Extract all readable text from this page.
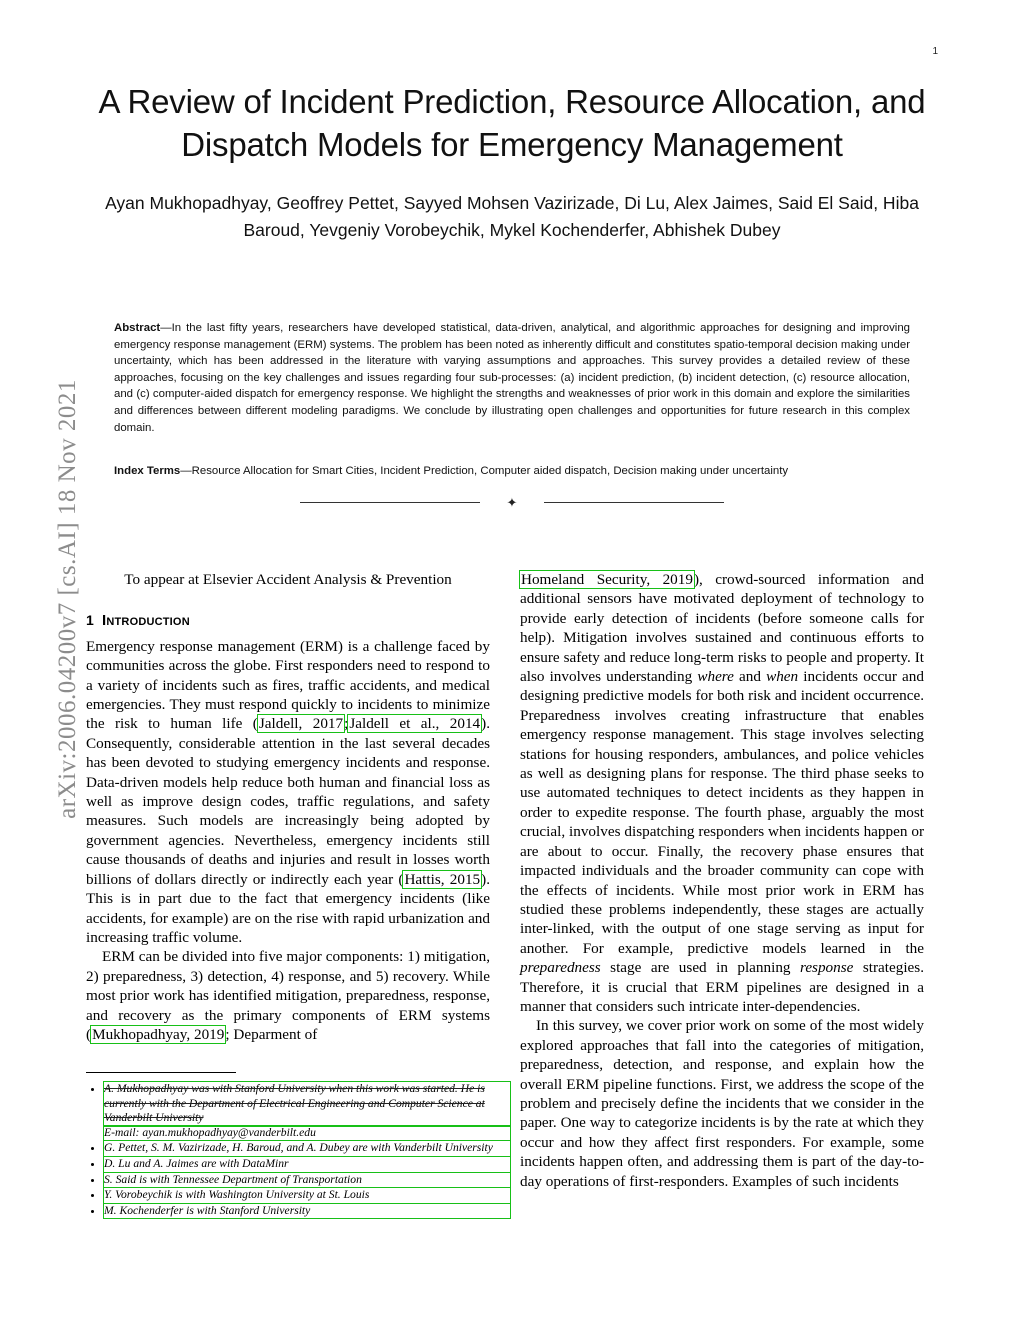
arXiv:2006.04200v7 [cs.AI] 18 Nov 2021
1
A Review of Incident Prediction, Resource Allocation, and Dispatch Models for Emergency Management
Ayan Mukhopadhyay, Geoffrey Pettet, Sayyed Mohsen Vazirizade, Di Lu, Alex Jaimes, Said El Said, Hiba Baroud, Yevgeniy Vorobeychik, Mykel Kochenderfer, Abhishek Dubey
Abstract—In the last fifty years, researchers have developed statistical, data-driven, analytical, and algorithmic approaches for designing and improving emergency response management (ERM) systems. The problem has been noted as inherently difficult and constitutes spatio-temporal decision making under uncertainty, which has been addressed in the literature with varying assumptions and approaches. This survey provides a detailed review of these approaches, focusing on the key challenges and issues regarding four sub-processes: (a) incident prediction, (b) incident detection, (c) resource allocation, and (c) computer-aided dispatch for emergency response. We highlight the strengths and weaknesses of prior work in this domain and explore the similarities and differences between different modeling paradigms. We conclude by illustrating open challenges and opportunities for future research in this complex domain.
Index Terms—Resource Allocation for Smart Cities, Incident Prediction, Computer aided dispatch, Decision making under uncertainty
✦

To appear at Elsevier Accident Analysis & Prevention

1 Introduction

Emergency response management (ERM) is a challenge faced by communities across the globe. First responders need to respond to a variety of incidents such as fires, traffic accidents, and medical emergencies. They must respond quickly to incidents to minimize the risk to human life (Jaldell, 2017;Jaldell et al., 2014). Consequently, considerable attention in the last several decades has been devoted to studying emergency incidents and response. Data-driven models help reduce both human and financial loss as well as improve design codes, traffic regulations, and safety measures. Such models are increasingly being adopted by government agencies. Nevertheless, emergency incidents still cause thousands of deaths and injuries and result in losses worth billions of dollars directly or indirectly each year (Hattis, 2015). This is in part due to the fact that emergency incidents (like accidents, for example) are on the rise with rapid urbanization and increasing traffic volume.

ERM can be divided into five major components: 1) mitigation, 2) preparedness, 3) detection, 4) response, and 5) recovery. While most prior work has identified mitigation, preparedness, response, and recovery as the primary components of ERM systems (Mukhopadhyay, 2019; Deparment of

Homeland Security, 2019), crowd-sourced information and additional sensors have motivated deployment of technology to provide early detection of incidents (before someone calls for help). Mitigation involves sustained and continuous efforts to ensure safety and reduce long-term risks to people and property. It also involves understanding where and when incidents occur and designing predictive models for both risk and incident occurrence. Preparedness involves creating infrastructure that enables emergency response management. This stage involves selecting stations for housing responders, ambulances, and police vehicles as well as designing plans for response. The third phase seeks to use automated techniques to detect incidents as they happen in order to expedite response. The fourth phase, arguably the most crucial, involves dispatching responders when incidents happen or are about to occur. Finally, the recovery phase ensures that impacted individuals and the broader community can cope with the effects of incidents. While most prior work in ERM has studied these problems independently, these stages are actually inter-linked, with the output of one stage serving as input for another. For example, predictive models learned in the preparedness stage are used in planning response strategies. Therefore, it is crucial that ERM pipelines are designed in a manner that considers such intricate inter-dependencies.

In this survey, we cover prior work on some of the most widely explored approaches that fall into the categories of mitigation, preparedness, detection, and response, and explain how the overall ERM pipeline functions. First, we address the scope of the problem and precisely define the incidents that we consider in the paper. One way to categorize incidents is by the rate at which they occur and how they affect first responders. For example, some incidents happen often, and addressing them is part of the day-to-day operations of first-responders. Examples of such incidents

• A. Mukhopadhyay was with Stanford University when this work was started. He is currently with the Department of Electrical Engineering and Computer Science at Vanderbilt University
E-mail: ayan.mukhopadhyay@vanderbilt.edu
• G. Pettet, S. M. Vazirizade, H. Baroud, and A. Dubey are with Vanderbilt University
• D. Lu and A. Jaimes are with DataMinr
• S. Said is with Tennessee Department of Transportation
• Y. Vorobeychik is with Washington University at St. Louis
• M. Kochenderfer is with Stanford University
